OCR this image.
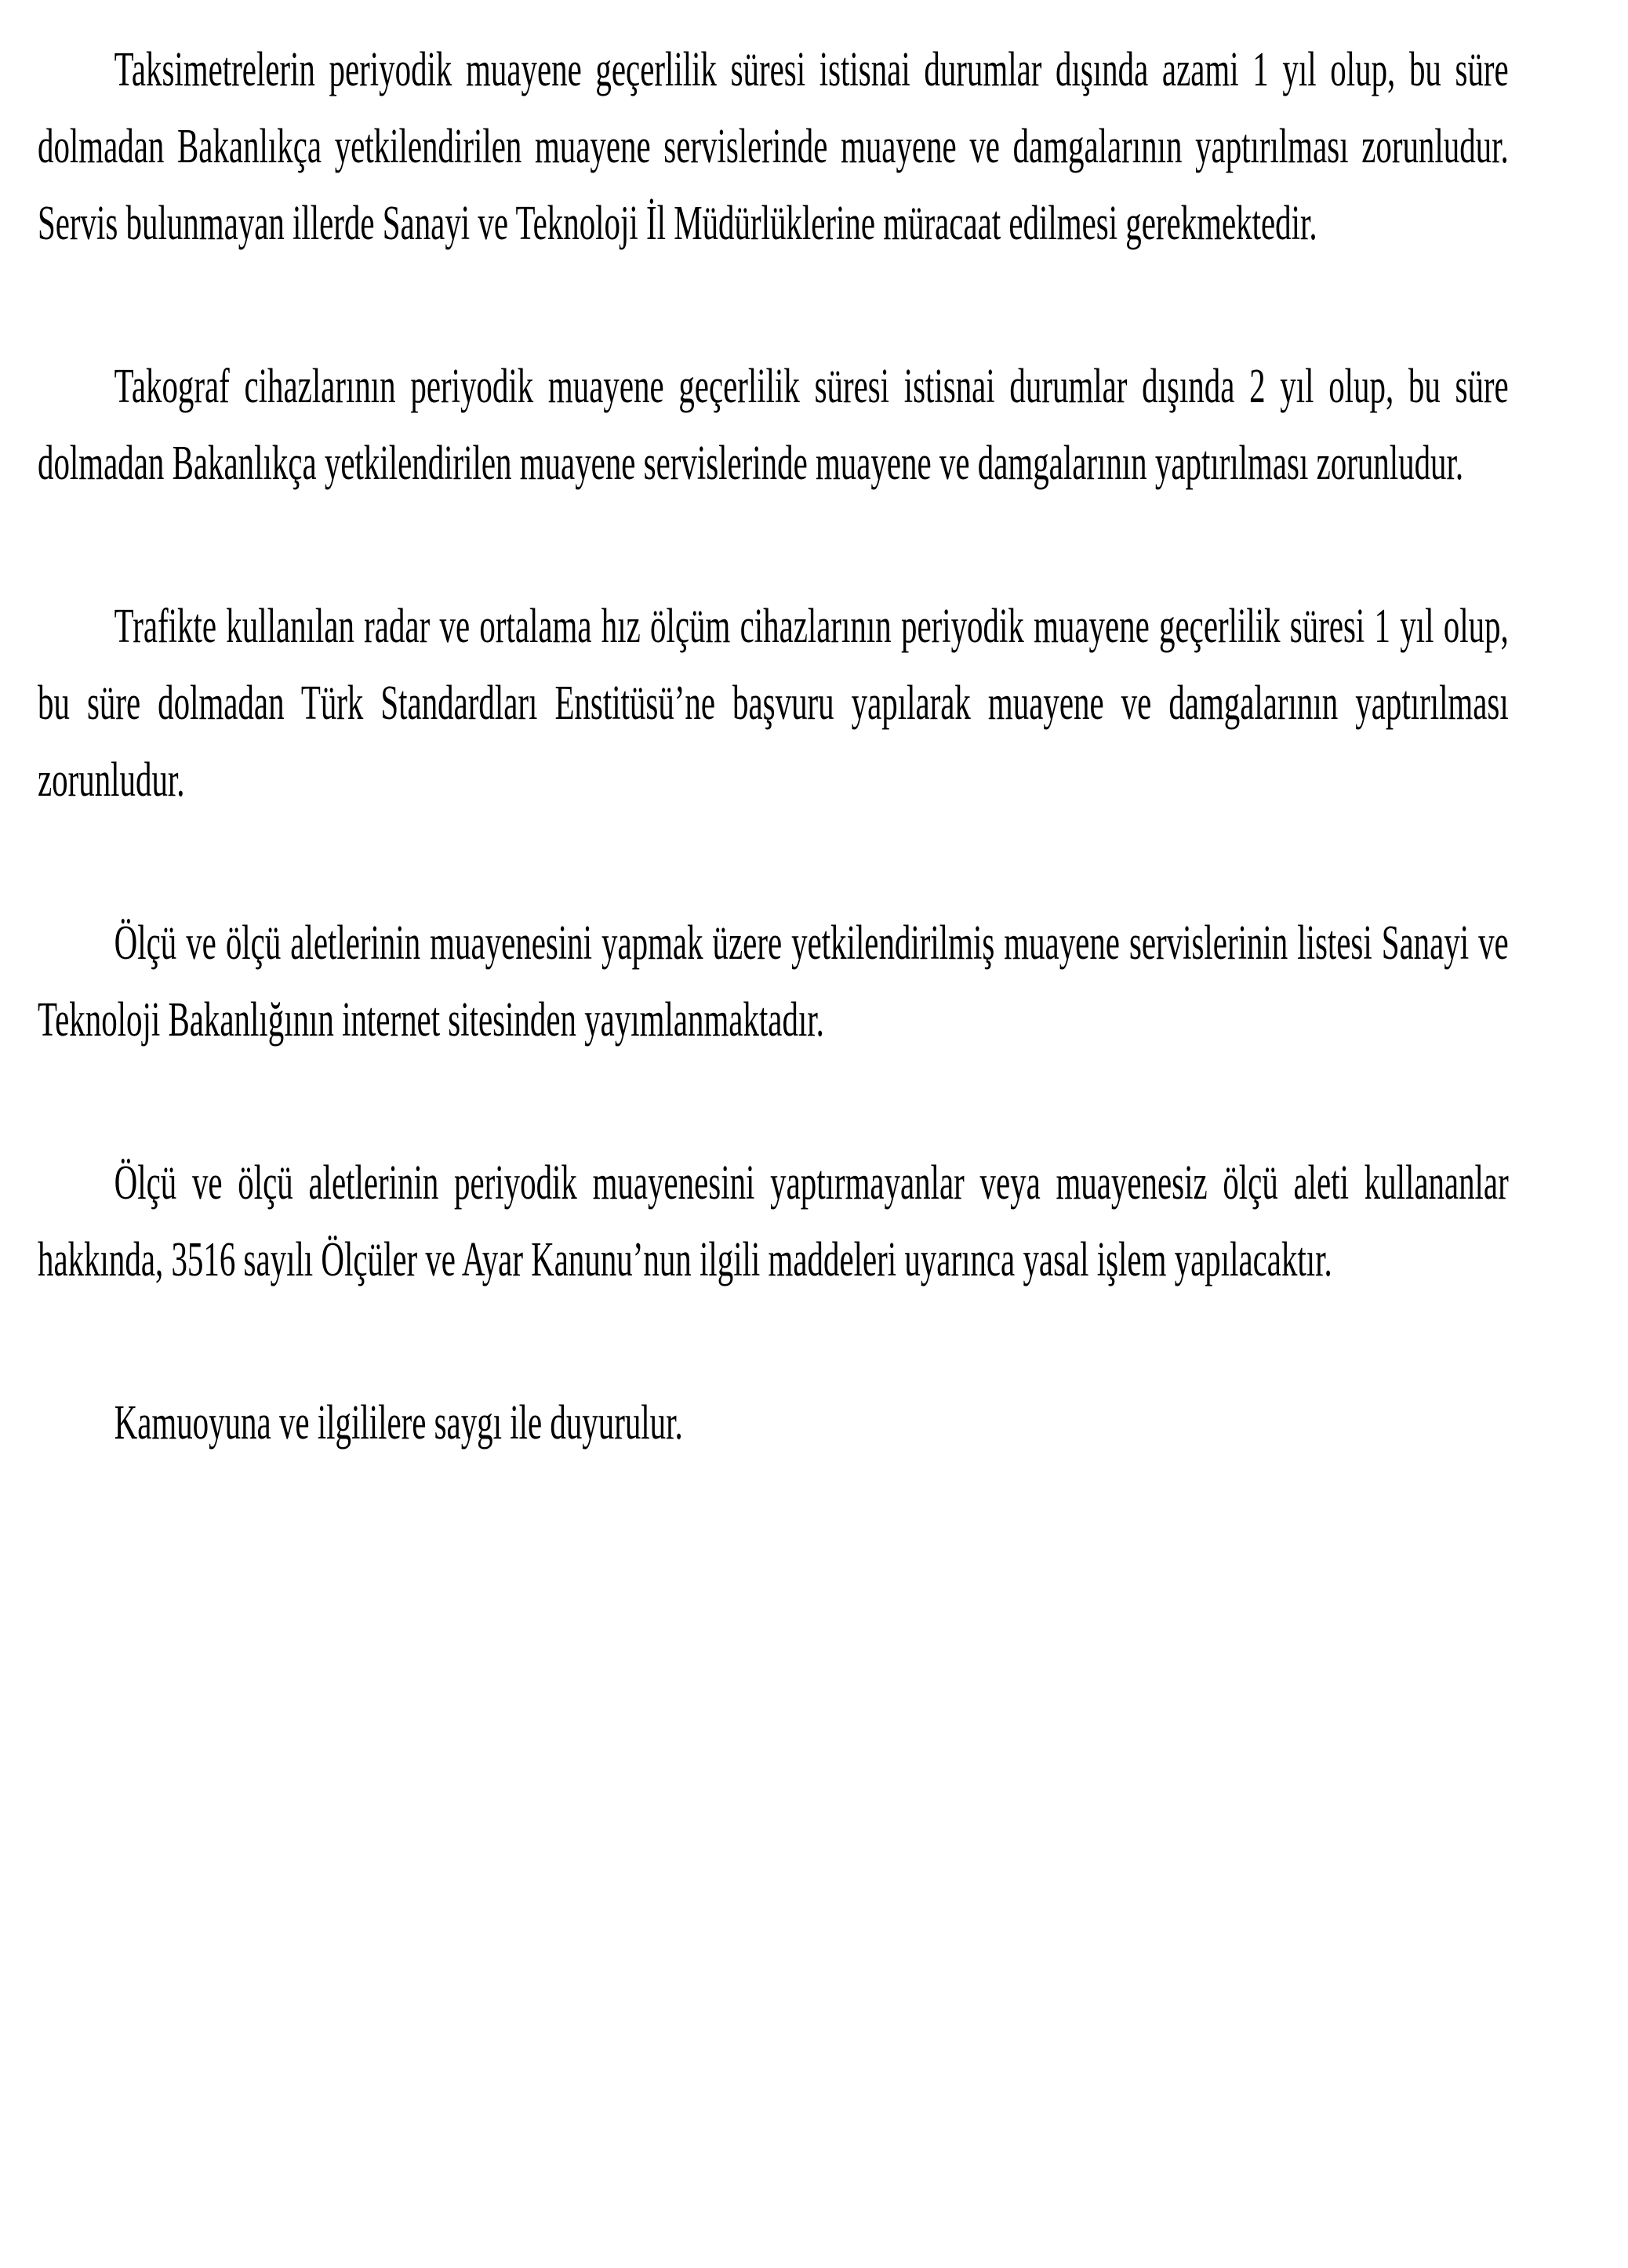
Taksimetrelerin periyodik muayene geçerlilik süresi istisnai durumlar dışında azami 1 yıl olup, bu süre dolmadan Bakanlıkça yetkilendirilen muayene servislerinde muayene ve damgalarının yaptırılması zorunludur. Servis bulunmayan illerde Sanayi ve Teknoloji İl Müdürlüklerine müracaat edilmesi gerekmektedir.

Takograf cihazlarının periyodik muayene geçerlilik süresi istisnai durumlar dışında 2 yıl olup, bu süre dolmadan Bakanlıkça yetkilendirilen muayene servislerinde muayene ve damgalarının yaptırılması zorunludur.

Trafikte kullanılan radar ve ortalama hız ölçüm cihazlarının periyodik muayene geçerlilik süresi 1 yıl olup, bu süre dolmadan Türk Standardları Enstitüsü’ne başvuru yapılarak muayene ve damgalarının yaptırılması zorunludur.

Ölçü ve ölçü aletlerinin muayenesini yapmak üzere yetkilendirilmiş muayene servislerinin listesi Sanayi ve Teknoloji Bakanlığının internet sitesinden yayımlanmaktadır.

Ölçü ve ölçü aletlerinin periyodik muayenesini yaptırmayanlar veya muayenesiz ölçü aleti kullananlar hakkında, 3516 sayılı Ölçüler ve Ayar Kanunu’nun ilgili maddeleri uyarınca yasal işlem yapılacaktır.

Kamuoyuna ve ilgililere saygı ile duyurulur.
